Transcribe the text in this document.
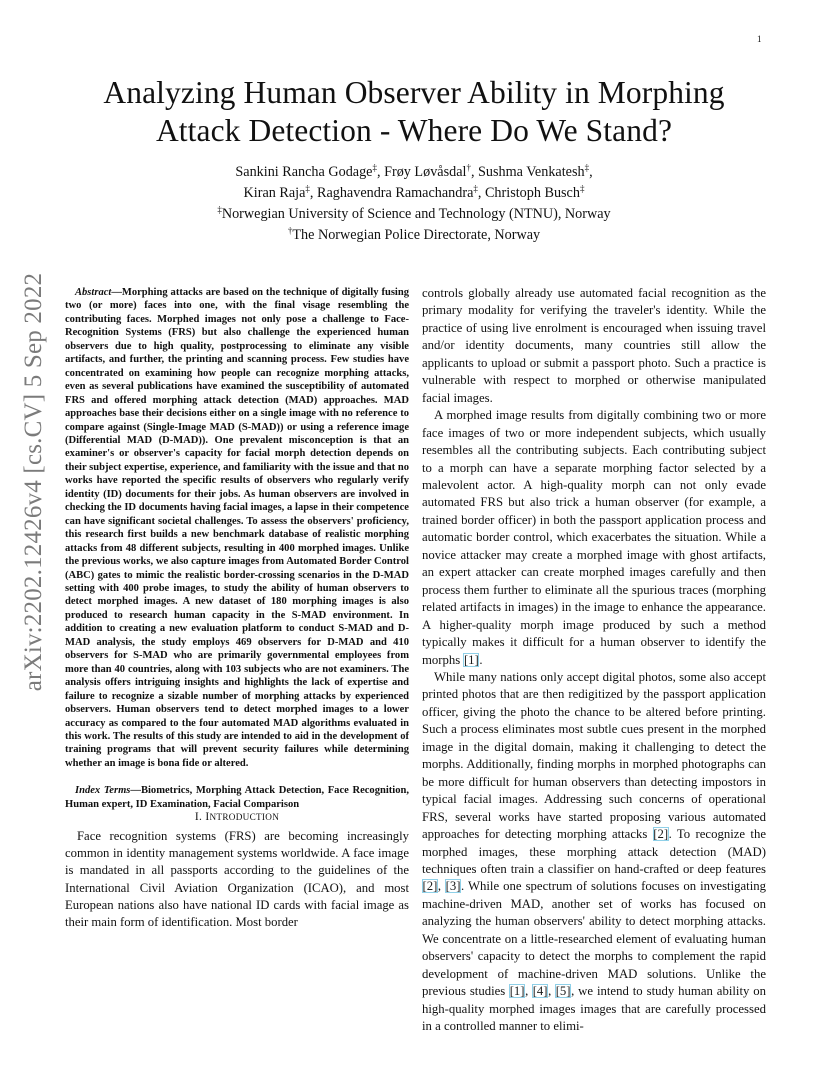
1
arXiv:2202.12426v4 [cs.CV] 5 Sep 2022
Analyzing Human Observer Ability in Morphing
Attack Detection - Where Do We Stand?
Sankini Rancha Godage‡, Frøy Løvåsdal†, Sushma Venkatesh‡,
Kiran Raja‡, Raghavendra Ramachandra‡, Christoph Busch‡
‡Norwegian University of Science and Technology (NTNU), Norway
†The Norwegian Police Directorate, Norway

Abstract—Morphing attacks are based on the technique of digitally fusing two (or more) faces into one, with the final visage resembling the contributing faces. Morphed images not only pose a challenge to Face-Recognition Systems (FRS) but also challenge the experienced human observers due to high quality, postprocessing to eliminate any visible artifacts, and further, the printing and scanning process. Few studies have concentrated on examining how people can recognize morphing attacks, even as several publications have examined the susceptibility of automated FRS and offered morphing attack detection (MAD) approaches. MAD approaches base their decisions either on a single image with no reference to compare against (Single-Image MAD (S-MAD)) or using a reference image (Differential MAD (D-MAD)). One prevalent misconception is that an examiner's or observer's capacity for facial morph detection depends on their subject expertise, experience, and familiarity with the issue and that no works have reported the specific results of observers who regularly verify identity (ID) documents for their jobs. As human observers are involved in checking the ID documents having facial images, a lapse in their competence can have significant societal challenges. To assess the observers' proficiency, this research first builds a new benchmark database of realistic morphing attacks from 48 different subjects, resulting in 400 morphed images. Unlike the previous works, we also capture images from Automated Border Control (ABC) gates to mimic the realistic border-crossing scenarios in the D-MAD setting with 400 probe images, to study the ability of human observers to detect morphed images. A new dataset of 180 morphing images is also produced to research human capacity in the S-MAD environment. In addition to creating a new evaluation platform to conduct S-MAD and D-MAD analysis, the study employs 469 observers for D-MAD and 410 observers for S-MAD who are primarily governmental employees from more than 40 countries, along with 103 subjects who are not examiners. The analysis offers intriguing insights and highlights the lack of expertise and failure to recognize a sizable number of morphing attacks by experienced observers. Human observers tend to detect morphed images to a lower accuracy as compared to the four automated MAD algorithms evaluated in this work. The results of this study are intended to aid in the development of training programs that will prevent security failures while determining whether an image is bona fide or altered.

Index Terms—Biometrics, Morphing Attack Detection, Face Recognition, Human expert, ID Examination, Facial Comparison

I. INTRODUCTION

Face recognition systems (FRS) are becoming increasingly common in identity management systems worldwide. A face image is mandated in all passports according to the guidelines of the International Civil Aviation Organization (ICAO), and most European nations also have national ID cards with facial image as their main form of identification. Most border

controls globally already use automated facial recognition as the primary modality for verifying the traveler's identity. While the practice of using live enrolment is encouraged when issuing travel and/or identity documents, many countries still allow the applicants to upload or submit a passport photo. Such a practice is vulnerable with respect to morphed or otherwise manipulated facial images.

A morphed image results from digitally combining two or more face images of two or more independent subjects, which usually resembles all the contributing subjects. Each contributing subject to a morph can have a separate morphing factor selected by a malevolent actor. A high-quality morph can not only evade automated FRS but also trick a human observer (for example, a trained border officer) in both the passport application process and automatic border control, which exacerbates the situation. While a novice attacker may create a morphed image with ghost artifacts, an expert attacker can create morphed images carefully and then process them further to eliminate all the spurious traces (morphing related artifacts in images) in the image to enhance the appearance. A higher-quality morph image produced by such a method typically makes it difficult for a human observer to identify the morphs [1].

While many nations only accept digital photos, some also accept printed photos that are then redigitized by the passport application officer, giving the photo the chance to be altered before printing. Such a process eliminates most subtle cues present in the morphed image in the digital domain, making it challenging to detect the morphs. Additionally, finding morphs in morphed photographs can be more difficult for human observers than detecting impostors in typical facial images. Addressing such concerns of operational FRS, several works have started proposing various automated approaches for detecting morphing attacks [2]. To recognize the morphed images, these morphing attack detection (MAD) techniques often train a classifier on hand-crafted or deep features [2], [3]. While one spectrum of solutions focuses on investigating machine-driven MAD, another set of works has focused on analyzing the human observers' ability to detect morphing attacks. We concentrate on a little-researched element of evaluating human observers' capacity to detect the morphs to complement the rapid development of machine-driven MAD solutions. Unlike the previous studies [1], [4], [5], we intend to study human ability on high-quality morphed images images that are carefully processed in a controlled manner to elimi-
